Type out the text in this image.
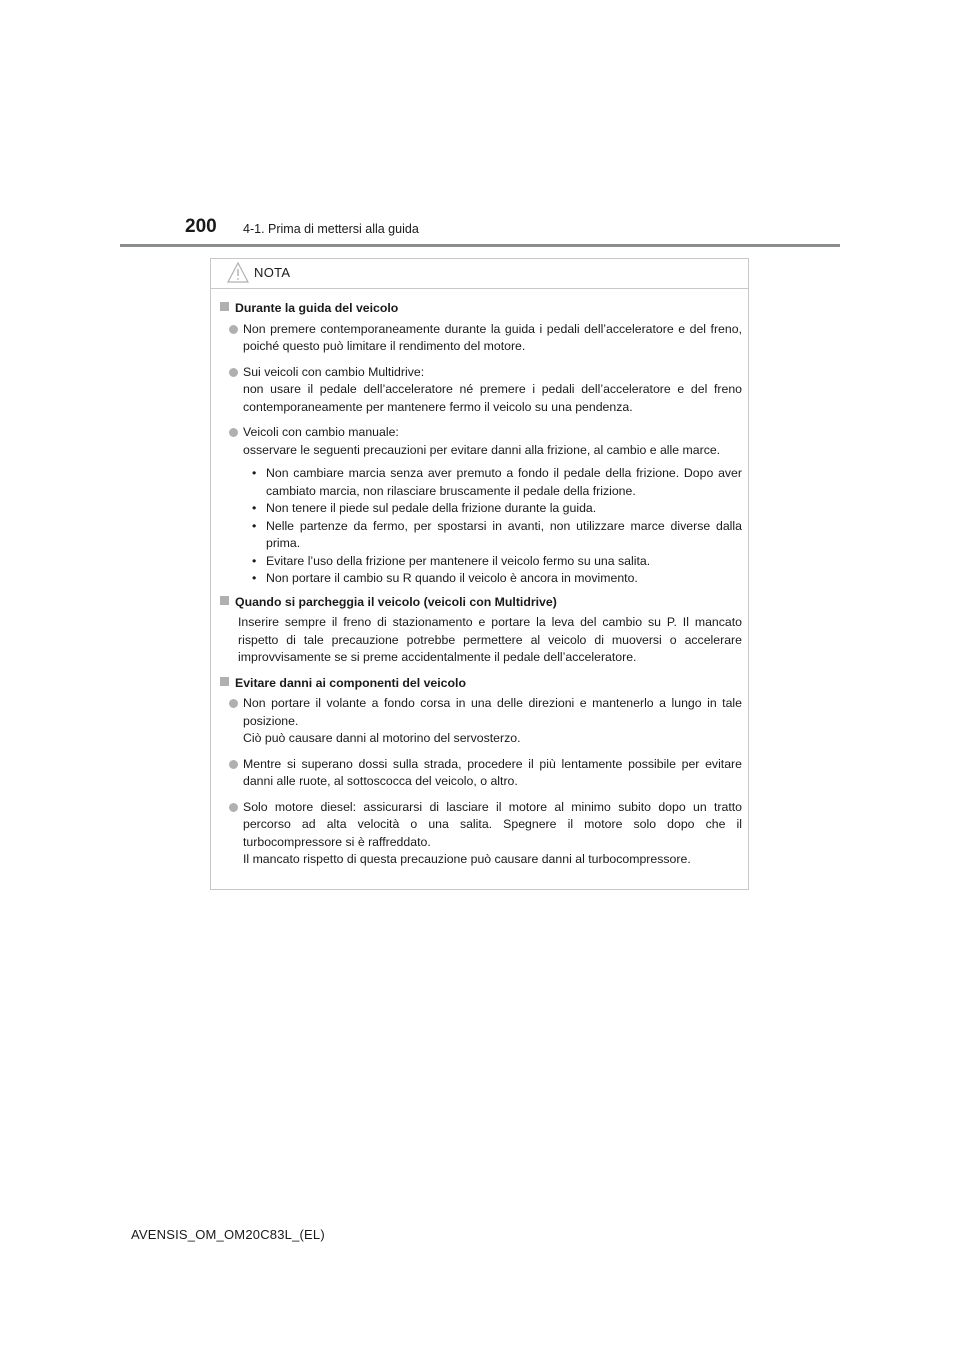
200 4-1. Prima di mettersi alla guida
NOTA
Durante la guida del veicolo
Non premere contemporaneamente durante la guida i pedali dell’acceleratore e del freno, poiché questo può limitare il rendimento del motore.
Sui veicoli con cambio Multidrive:
non usare il pedale dell’acceleratore né premere i pedali dell’acceleratore e del freno contemporaneamente per mantenere fermo il veicolo su una pendenza.
Veicoli con cambio manuale:
osservare le seguenti precauzioni per evitare danni alla frizione, al cambio e alle marce.
• Non cambiare marcia senza aver premuto a fondo il pedale della frizione. Dopo aver cambiato marcia, non rilasciare bruscamente il pedale della frizione.
• Non tenere il piede sul pedale della frizione durante la guida.
• Nelle partenze da fermo, per spostarsi in avanti, non utilizzare marce diverse dalla prima.
• Evitare l’uso della frizione per mantenere il veicolo fermo su una salita.
• Non portare il cambio su R quando il veicolo è ancora in movimento.
Quando si parcheggia il veicolo (veicoli con Multidrive)
Inserire sempre il freno di stazionamento e portare la leva del cambio su P. Il mancato rispetto di tale precauzione potrebbe permettere al veicolo di muoversi o accelerare improvvisamente se si preme accidentalmente il pedale dell’acceleratore.
Evitare danni ai componenti del veicolo
Non portare il volante a fondo corsa in una delle direzioni e mantenerlo a lungo in tale posizione.
Ciò può causare danni al motorino del servosterzo.
Mentre si superano dossi sulla strada, procedere il più lentamente possibile per evitare danni alle ruote, al sottoscocca del veicolo, o altro.
Solo motore diesel: assicurarsi di lasciare il motore al minimo subito dopo un tratto percorso ad alta velocità o una salita. Spegnere il motore solo dopo che il turbocompressore si è raffreddato.
Il mancato rispetto di questa precauzione può causare danni al turbocompressore.
AVENSIS_OM_OM20C83L_(EL)
